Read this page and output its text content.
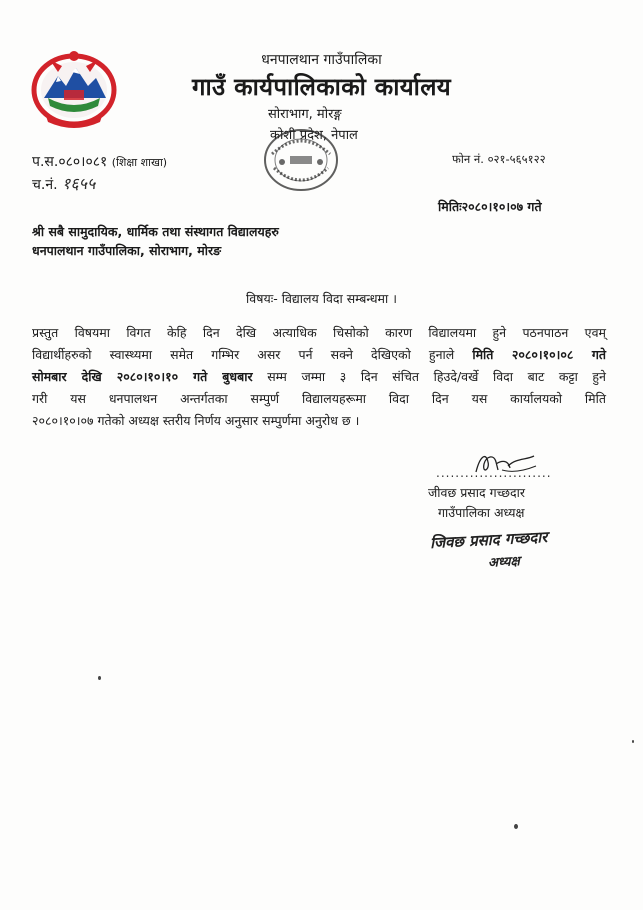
धनपालथान गाउँपालिका
गाउँ कार्यपालिकाको कार्यालय
सोराभाग, मोरङ्ग
कोशी प्रदेश, नेपाल
प.स.०८०।०८१ (शिक्षा शाखा)
च.नं. १६५५
फोन नं. ०२१-५६५१२२
मितिः२०८०।१०।०७ गते
श्री सबै सामुदायिक, धार्मिक तथा संस्थागत विद्यालयहरु
धनपालथान गाउँपालिका, सोराभाग, मोरङ
विषयः- विद्यालय विदा सम्बन्धमा ।
प्रस्तुत विषयमा विगत केहि दिन देखि अत्याधिक चिसोको कारण विद्यालयमा हुने पठनपाठन एवम्
विद्यार्थीहरुको स्वास्थ्यमा समेत गम्भिर असर पर्न सक्ने देखिएको हुनाले मिति २०८०।१०।०८ गते
सोमबार देखि २०८०।१०।१० गते बुधबार सम्म जम्मा ३ दिन संचित हिउदे/वर्खे विदा बाट कट्टा हुने
गरी यस धनपालथन अन्तर्गतका सम्पुर्ण विद्यालयहरूमा विदा दिन यस कार्यालयको मिति
२०८०।१०।०७ गतेको अध्यक्ष स्तरीय निर्णय अनुसार सम्पुर्णमा अनुरोध छ ।
........................
जीवछ प्रसाद गच्छदार
गाउँपालिका अध्यक्ष
जिवछ प्रसाद गच्छदार
अध्यक्ष
